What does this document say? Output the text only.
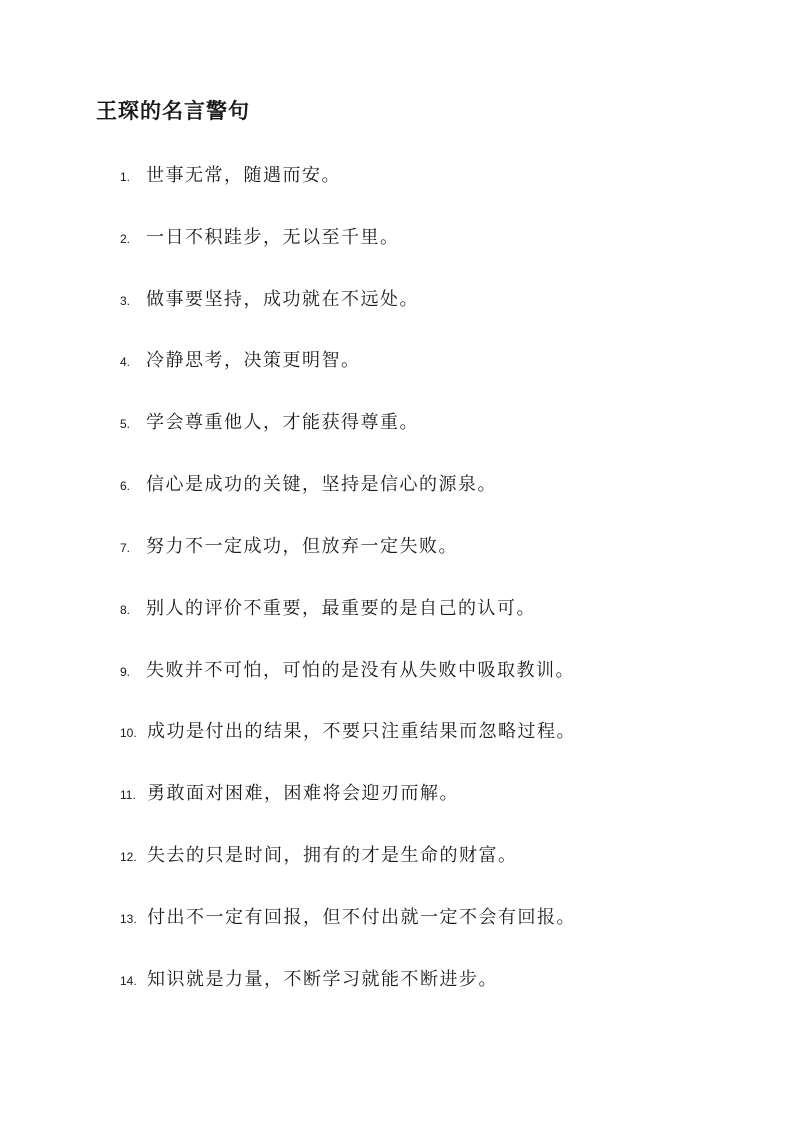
王琛的名言警句
1. 世事无常，随遇而安。
2. 一日不积跬步，无以至千里。
3. 做事要坚持，成功就在不远处。
4. 冷静思考，决策更明智。
5. 学会尊重他人，才能获得尊重。
6. 信心是成功的关键，坚持是信心的源泉。
7. 努力不一定成功，但放弃一定失败。
8. 别人的评价不重要，最重要的是自己的认可。
9. 失败并不可怕，可怕的是没有从失败中吸取教训。
10. 成功是付出的结果，不要只注重结果而忽略过程。
11. 勇敢面对困难，困难将会迎刃而解。
12. 失去的只是时间，拥有的才是生命的财富。
13. 付出不一定有回报，但不付出就一定不会有回报。
14. 知识就是力量，不断学习就能不断进步。
